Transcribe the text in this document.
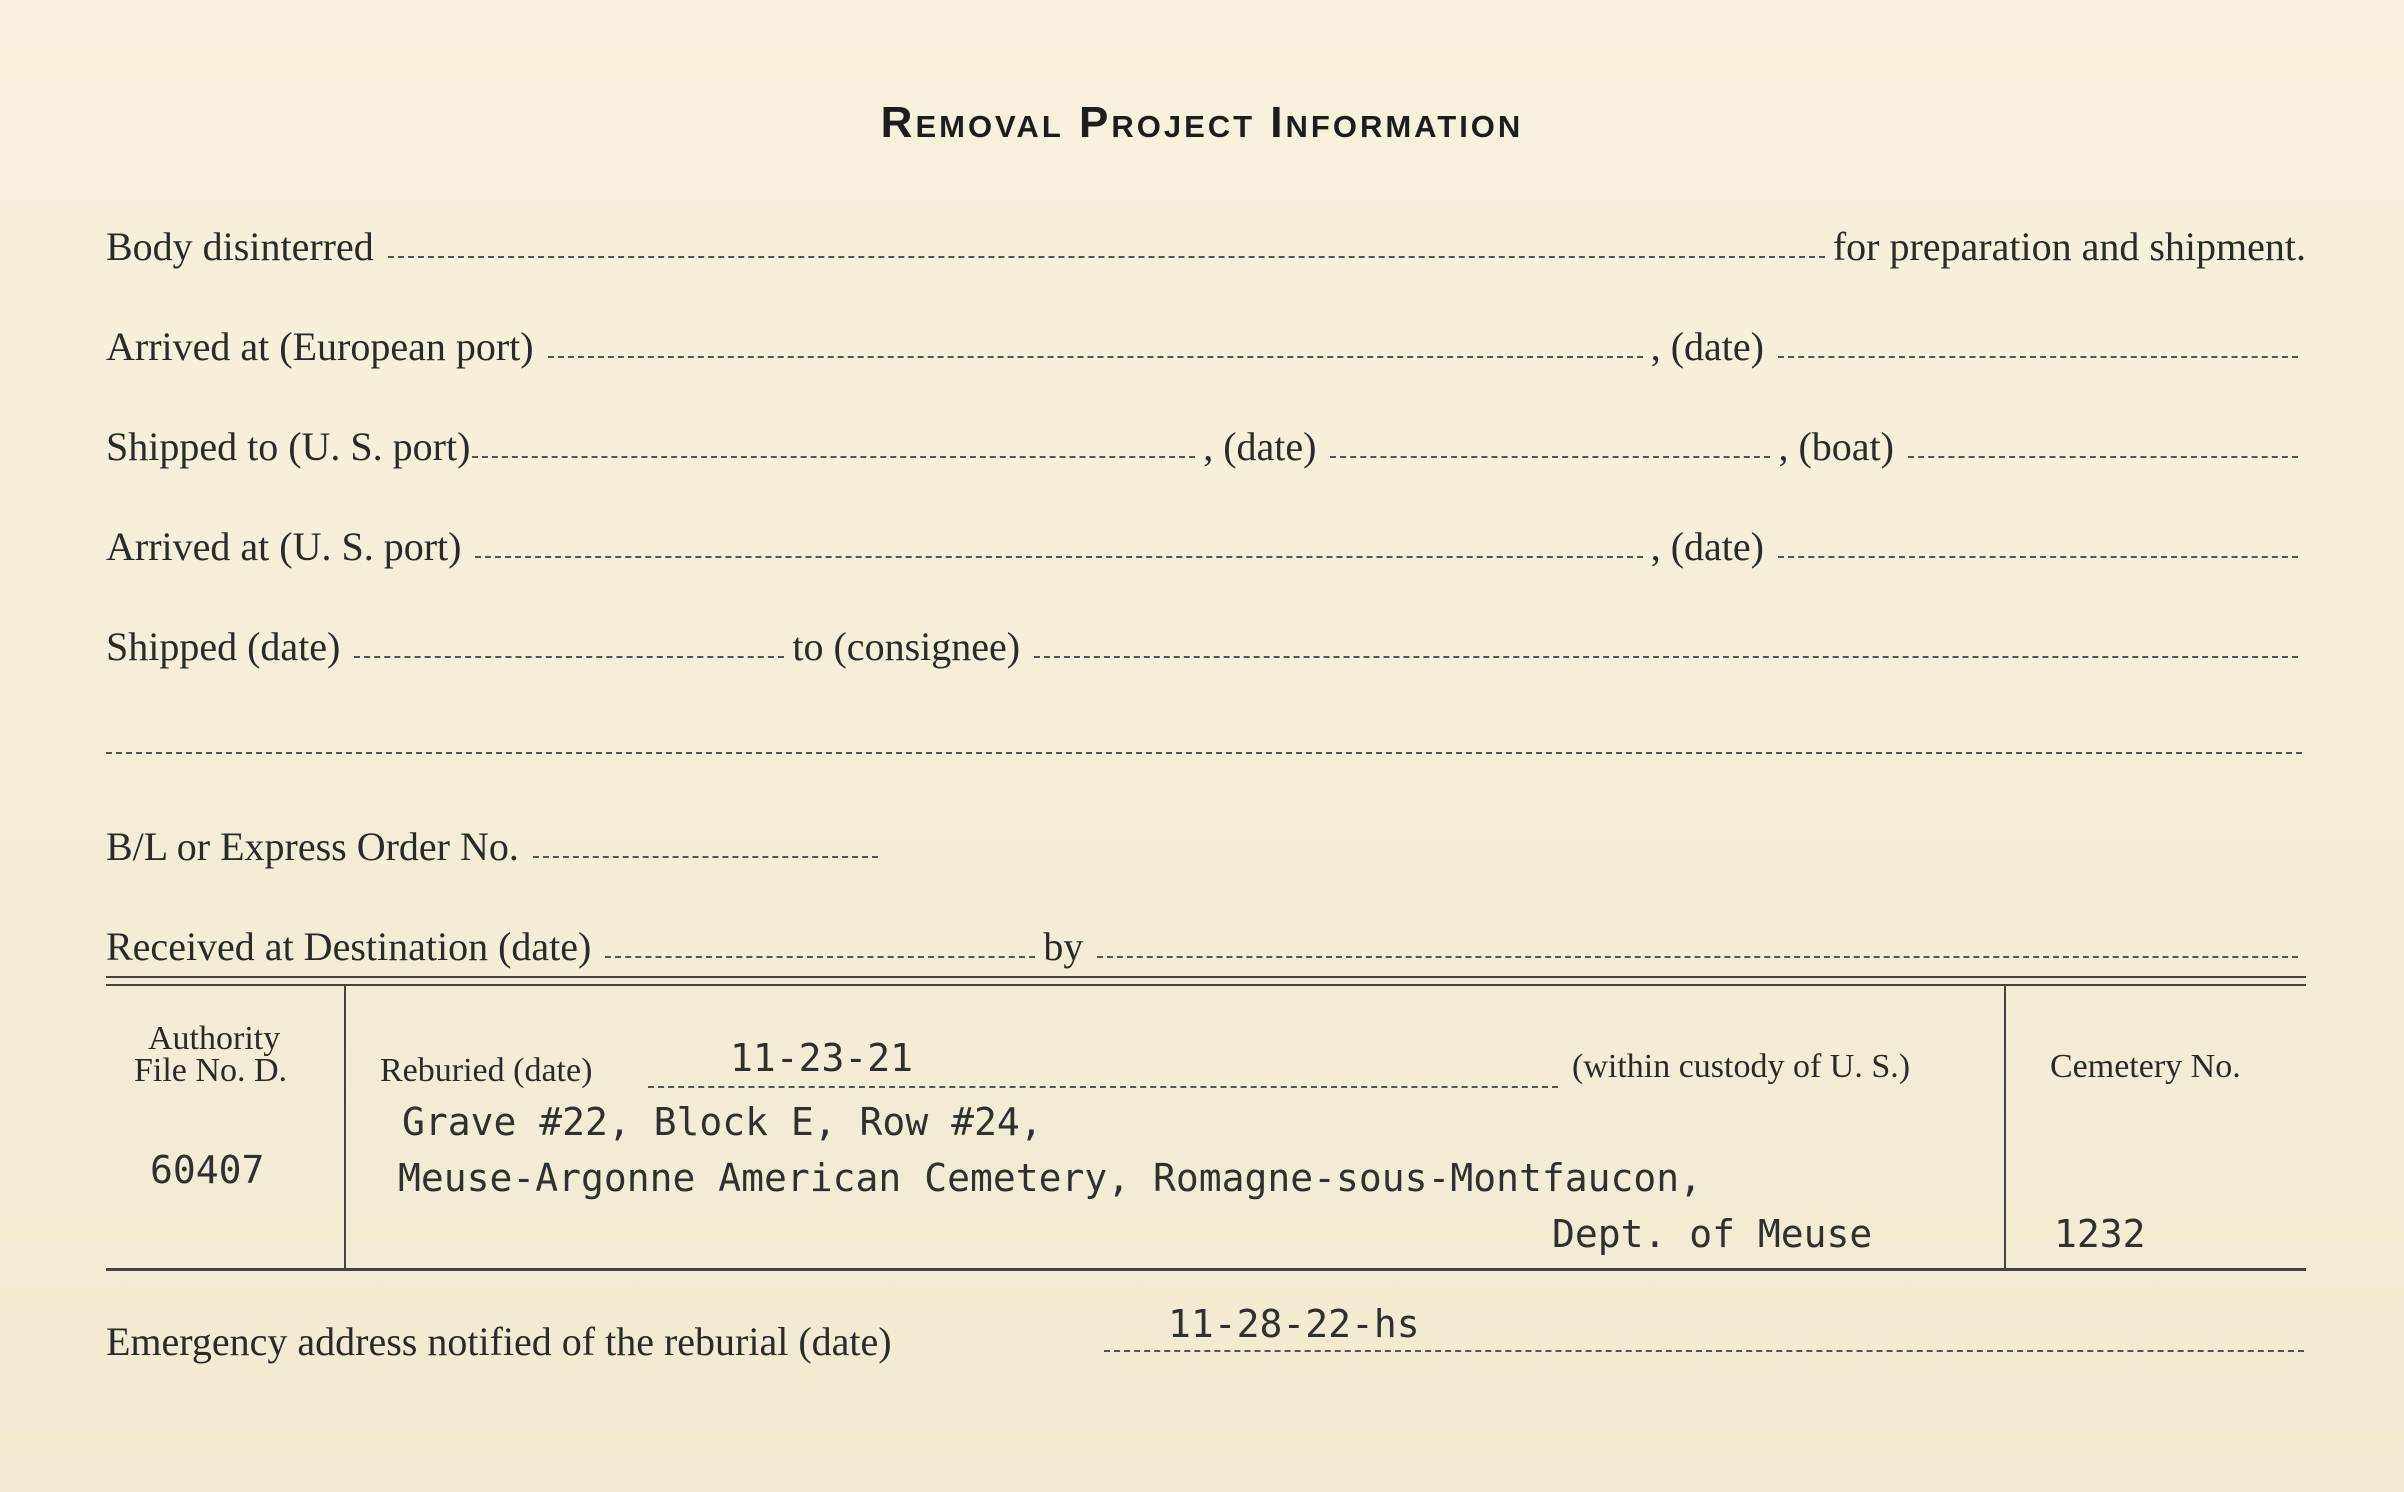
Removal Project Information
Body disinterred	for preparation and shipment.
Arrived at (European port)	, (date)
Shipped to (U. S. port)	, (date)	, (boat)
Arrived at (U. S. port)	, (date)
Shipped (date)	to (consignee)
B/L or Express Order No.
Received at Destination (date)	by
Authority
File No. D.
60407
Reburied (date)	11-23-21	(within custody of U. S.)
Grave #22, Block E, Row #24,
Meuse-Argonne American Cemetery, Romagne-sous-Montfaucon,
Dept. of Meuse
Cemetery No.
1232
Emergency address notified of the reburial (date)	11-28-22-hs
